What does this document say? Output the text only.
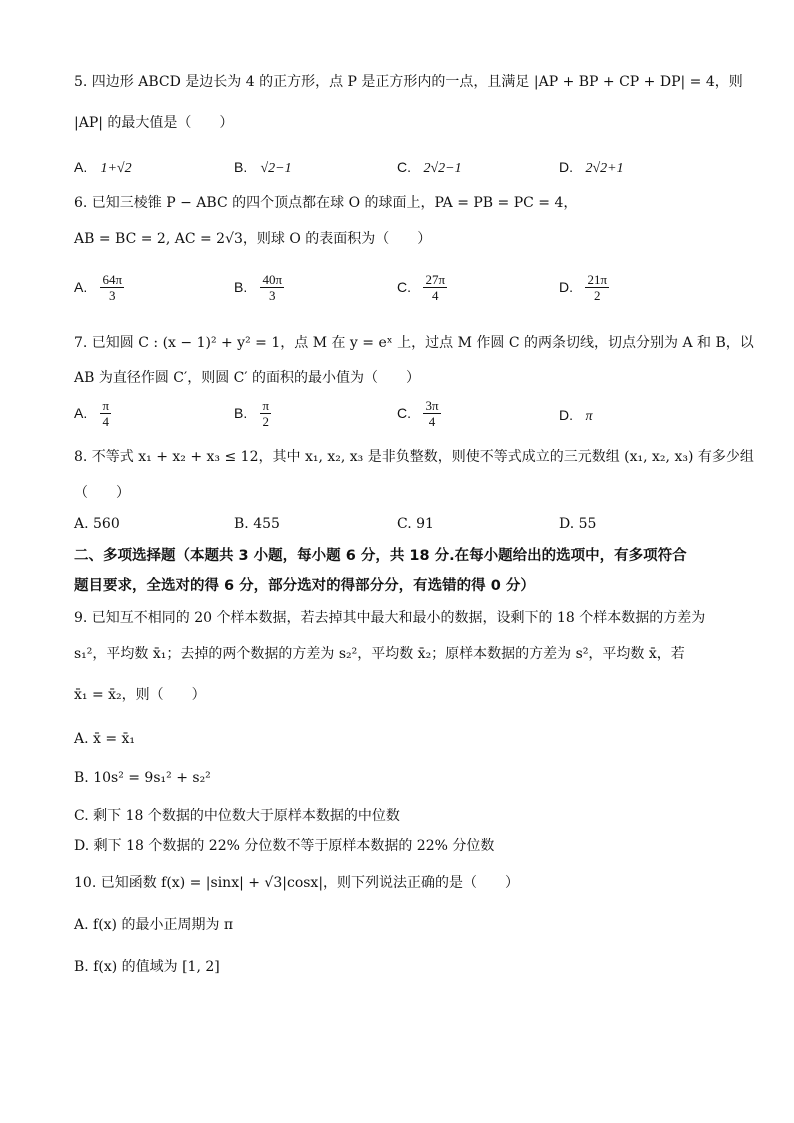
5. 四边形 ABCD 是边长为 4 的正方形，点 P 是正方形内的一点，且满足 |AP + BP + CP + DP| = 4，则
|AP| 的最大值是（　　）
A. 1+√2	B. √2−1	C. 2√2−1	D. 2√2+1
6. 已知三棱锥 P − ABC 的四个顶点都在球 O 的球面上，PA = PB = PC = 4，
AB = BC = 2, AC = 2√3，则球 O 的表面积为（　　）
A. $\frac{64\pi}{3}$	B. $\frac{40\pi}{3}$	C. $\frac{27\pi}{4}$	D. $\frac{21\pi}{2}$
7. 已知圆 C : (x − 1)² + y² = 1，点 M 在 y = eˣ 上，过点 M 作圆 C 的两条切线，切点分别为 A 和 B，以
AB 为直径作圆 C′，则圆 C′ 的面积的最小值为（　　）
A. $\frac{\pi}{4}$	B. $\frac{\pi}{2}$	C. $\frac{3\pi}{4}$	D. π
8. 不等式 x₁ + x₂ + x₃ ≤ 12，其中 x₁, x₂, x₃ 是非负整数，则使不等式成立的三元数组 (x₁, x₂, x₃) 有多少组
（　　）
A. 560	B. 455	C. 91	D. 55
二、多项选择题（本题共 3 小题，每小题 6 分，共 18 分.在每小题给出的选项中，有多项符合
题目要求，全选对的得 6 分，部分选对的得部分分，有选错的得 0 分）
9. 已知互不相同的 20 个样本数据，若去掉其中最大和最小的数据，设剩下的 18 个样本数据的方差为
s₁²，平均数 x̄₁；去掉的两个数据的方差为 s₂²，平均数 x̄₂；原样本数据的方差为 s²，平均数 x̄，若
x̄₁ = x̄₂，则（　　）
A. x̄ = x̄₁
B. 10s² = 9s₁² + s₂²
C. 剩下 18 个数据的中位数大于原样本数据的中位数
D. 剩下 18 个数据的 22% 分位数不等于原样本数据的 22% 分位数
10. 已知函数 f(x) = |sinx| + √3|cosx|，则下列说法正确的是（　　）
A. f(x) 的最小正周期为 π
B. f(x) 的值域为 [1, 2]
